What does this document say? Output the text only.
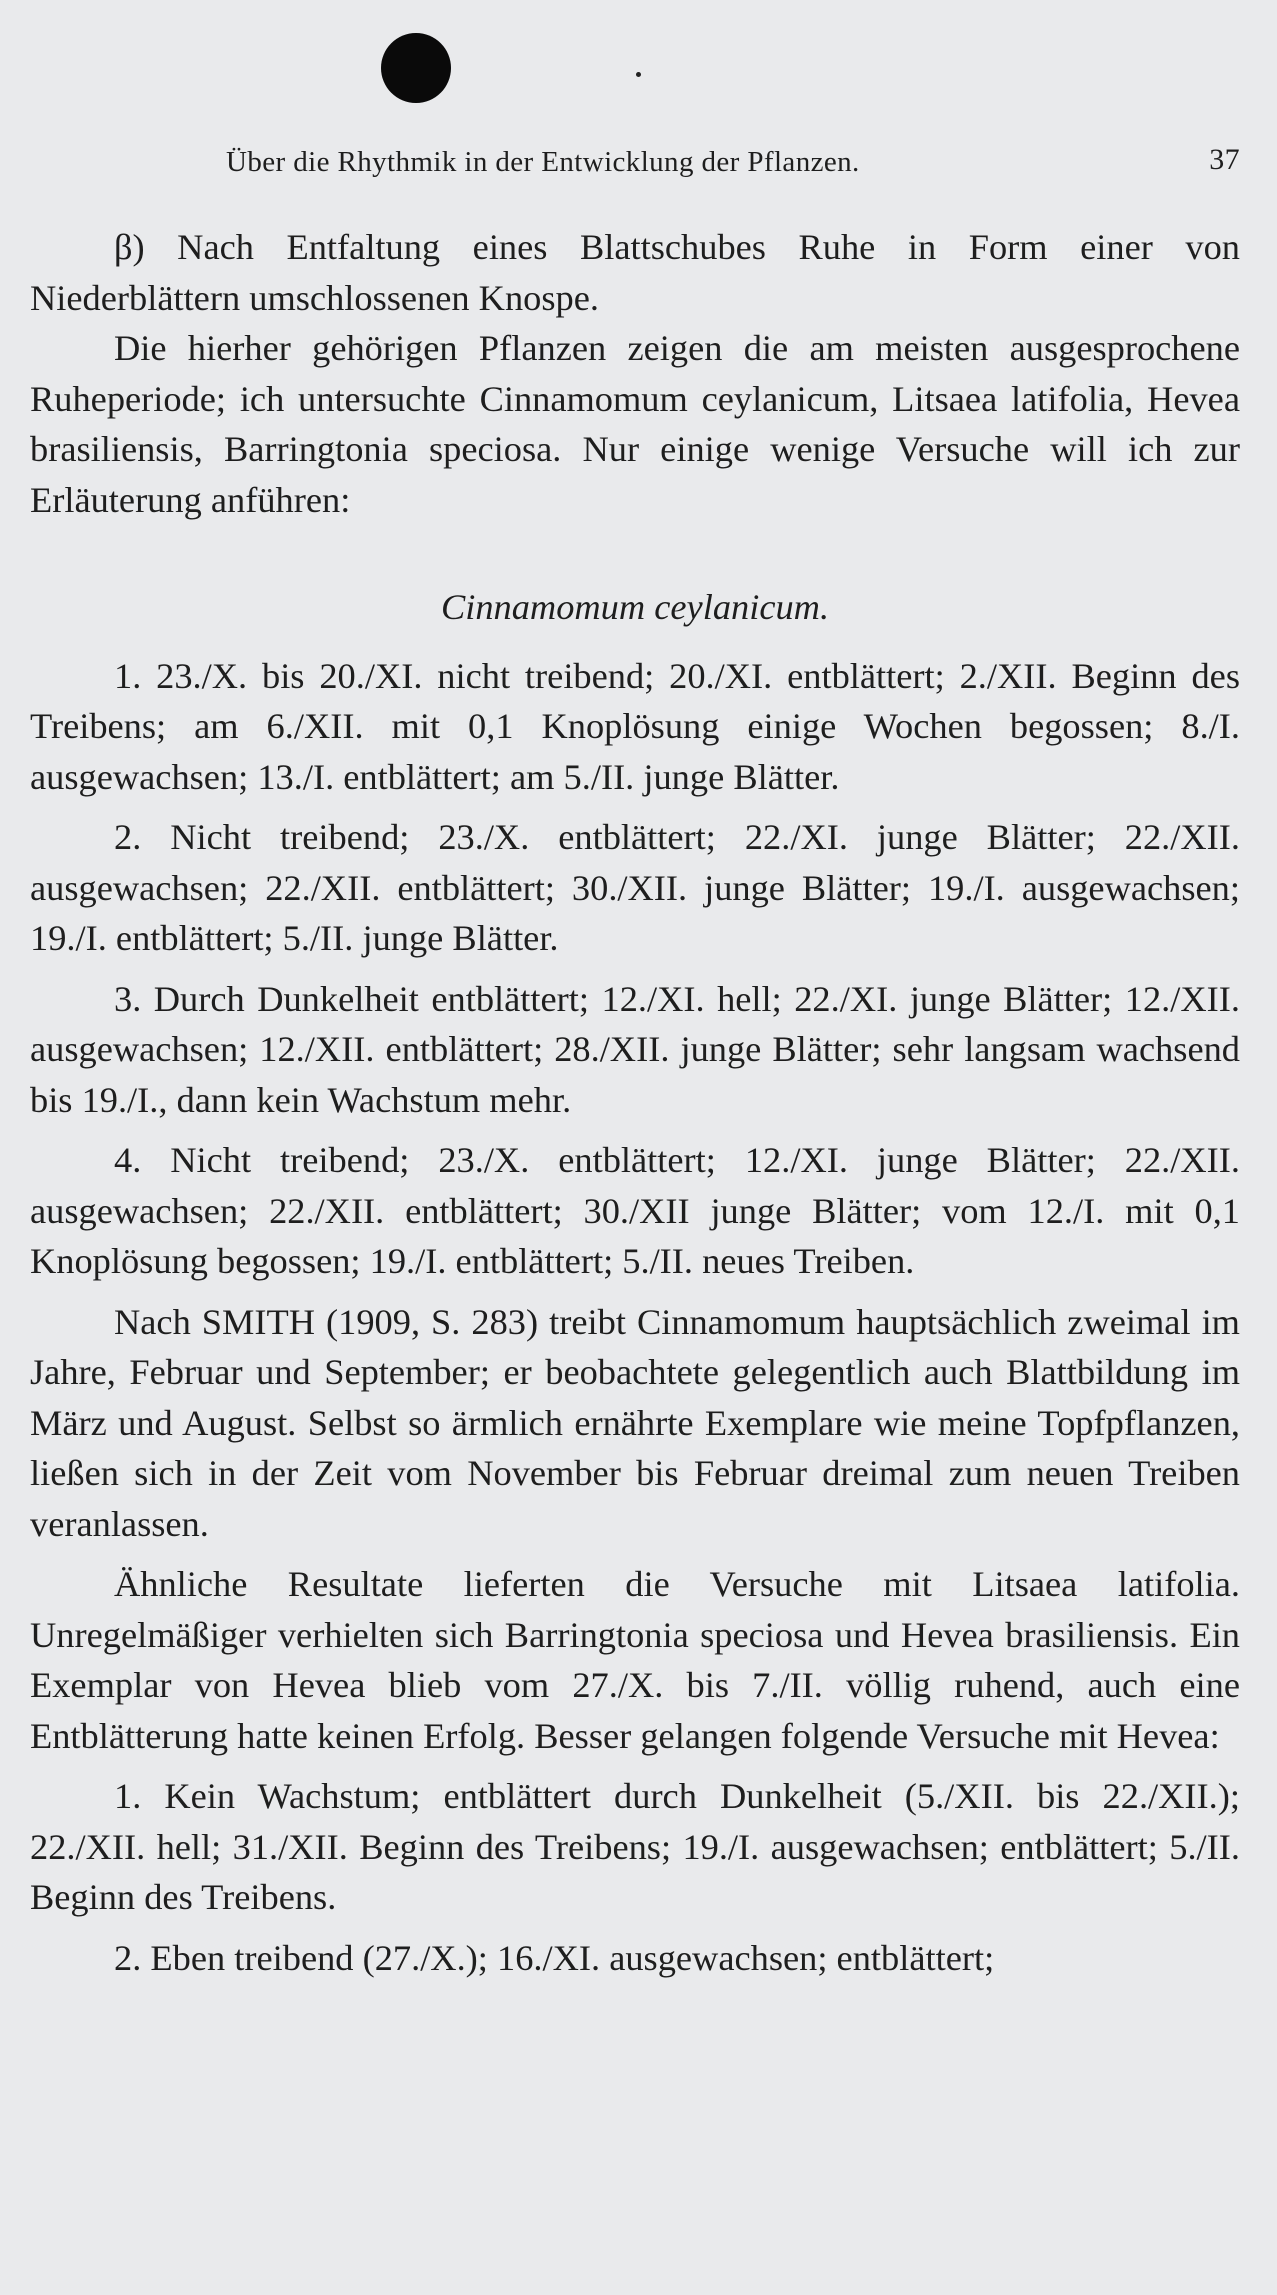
Über die Rhythmik in der Entwicklung der Pflanzen.	37

β) Nach Entfaltung eines Blattschubes Ruhe in Form einer von Niederblättern umschlossenen Knospe.

Die hierher gehörigen Pflanzen zeigen die am meisten ausgesprochene Ruheperiode; ich untersuchte Cinnamomum ceylanicum, Litsaea latifolia, Hevea brasiliensis, Barringtonia speciosa. Nur einige wenige Versuche will ich zur Erläuterung anführen:

Cinnamomum ceylanicum.

1. 23./X. bis 20./XI. nicht treibend; 20./XI. entblättert; 2./XII. Beginn des Treibens; am 6./XII. mit 0,1 Knoplösung einige Wochen begossen; 8./I. ausgewachsen; 13./I. entblättert; am 5./II. junge Blätter.

2. Nicht treibend; 23./X. entblättert; 22./XI. junge Blätter; 22./XII. ausgewachsen; 22./XII. entblättert; 30./XII. junge Blätter; 19./I. ausgewachsen; 19./I. entblättert; 5./II. junge Blätter.

3. Durch Dunkelheit entblättert; 12./XI. hell; 22./XI. junge Blätter; 12./XII. ausgewachsen; 12./XII. entblättert; 28./XII. junge Blätter; sehr langsam wachsend bis 19./I., dann kein Wachstum mehr.

4. Nicht treibend; 23./X. entblättert; 12./XI. junge Blätter; 22./XII. ausgewachsen; 22./XII. entblättert; 30./XII junge Blätter; vom 12./I. mit 0,1 Knoplösung begossen; 19./I. entblättert; 5./II. neues Treiben.

Nach SMITH (1909, S. 283) treibt Cinnamomum hauptsächlich zweimal im Jahre, Februar und September; er beobachtete gelegentlich auch Blattbildung im März und August. Selbst so ärmlich ernährte Exemplare wie meine Topfpflanzen, ließen sich in der Zeit vom November bis Februar dreimal zum neuen Treiben veranlassen.

Ähnliche Resultate lieferten die Versuche mit Litsaea latifolia. Unregelmäßiger verhielten sich Barringtonia speciosa und Hevea brasiliensis. Ein Exemplar von Hevea blieb vom 27./X. bis 7./II. völlig ruhend, auch eine Entblätterung hatte keinen Erfolg. Besser gelangen folgende Versuche mit Hevea:

1. Kein Wachstum; entblättert durch Dunkelheit (5./XII. bis 22./XII.); 22./XII. hell; 31./XII. Beginn des Treibens; 19./I. ausgewachsen; entblättert; 5./II. Beginn des Treibens.

2. Eben treibend (27./X.); 16./XI. ausgewachsen; entblättert;
